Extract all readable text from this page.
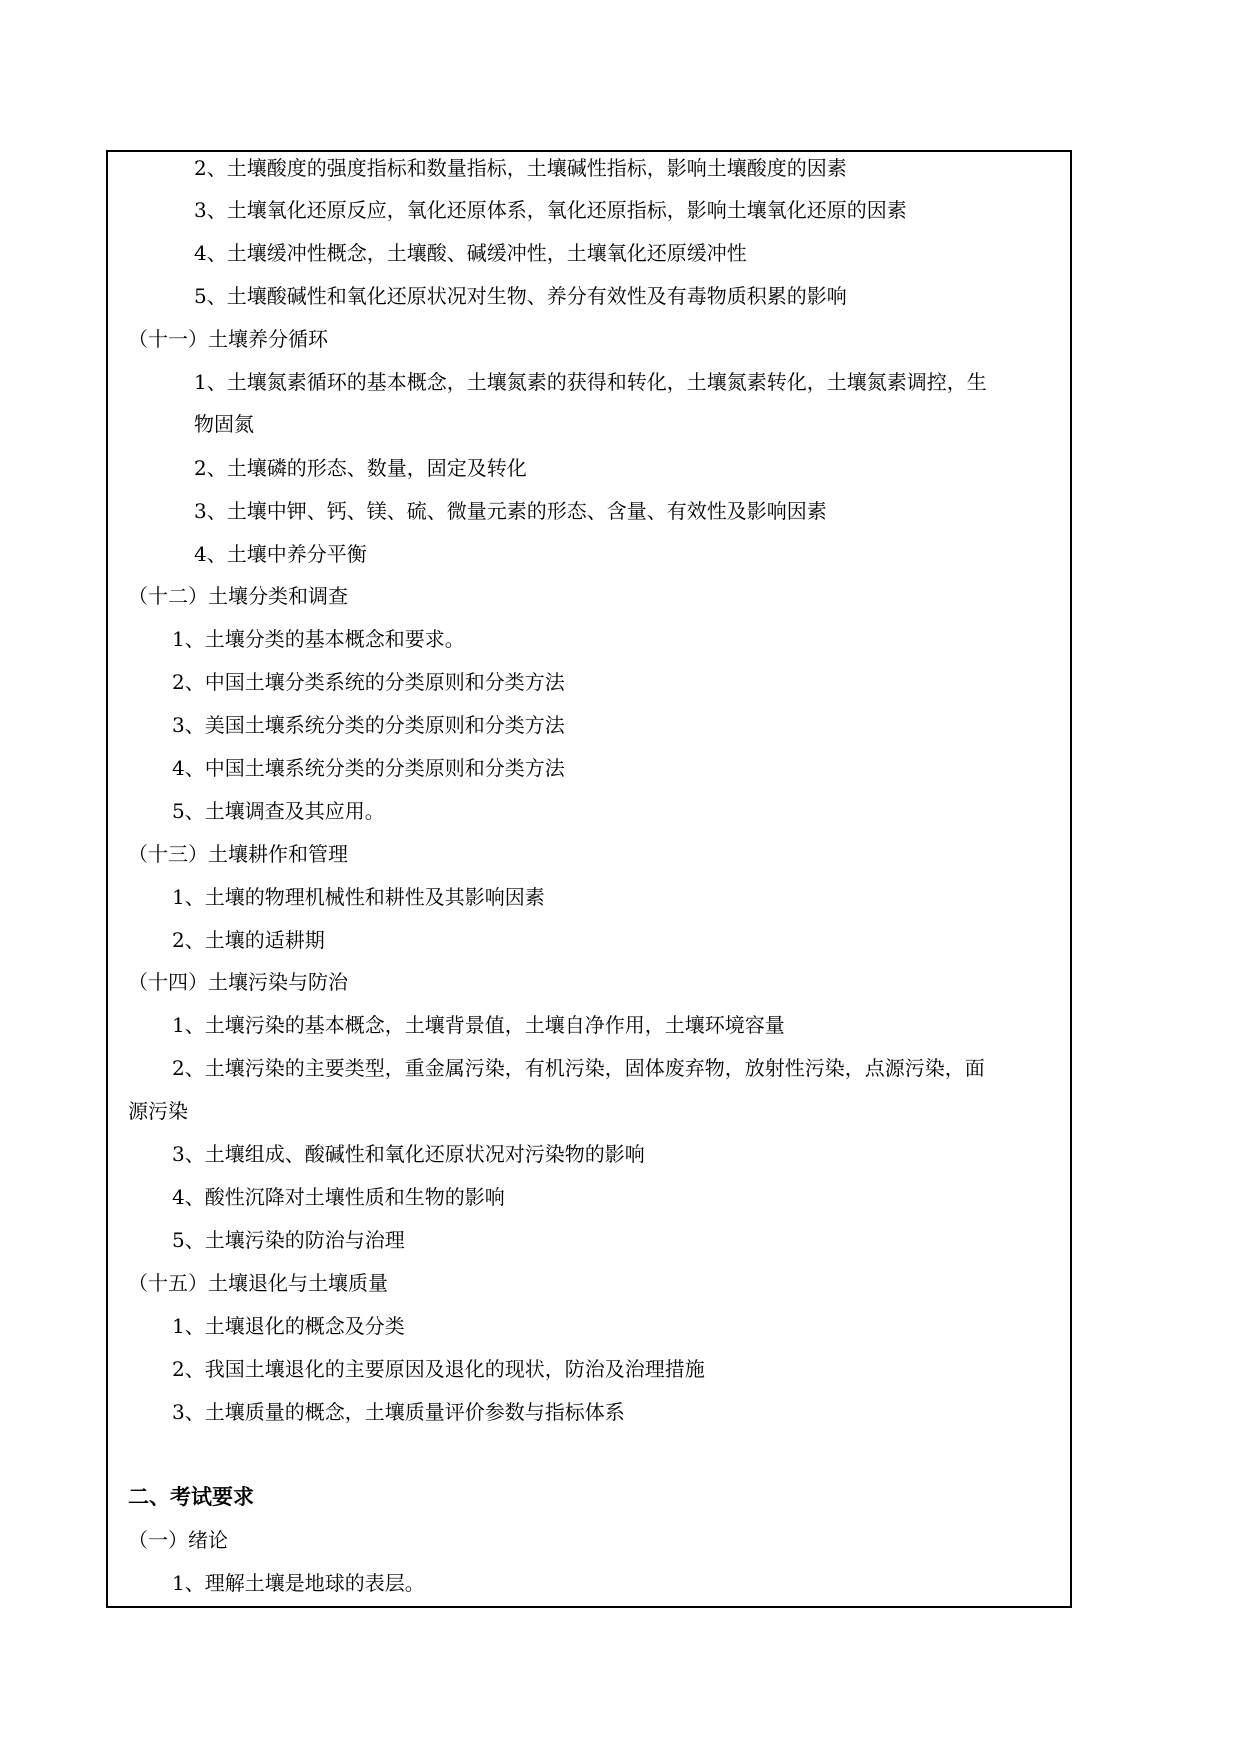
2、土壤酸度的强度指标和数量指标，土壤碱性指标，影响土壤酸度的因素
3、土壤氧化还原反应，氧化还原体系，氧化还原指标，影响土壤氧化还原的因素
4、土壤缓冲性概念，土壤酸、碱缓冲性，土壤氧化还原缓冲性
5、土壤酸碱性和氧化还原状况对生物、养分有效性及有毒物质积累的影响
（十一）土壤养分循环
1、土壤氮素循环的基本概念，土壤氮素的获得和转化，土壤氮素转化，土壤氮素调控，生
物固氮
2、土壤磷的形态、数量，固定及转化
3、土壤中钾、钙、镁、硫、微量元素的形态、含量、有效性及影响因素
4、土壤中养分平衡
（十二）土壤分类和调查
1、土壤分类的基本概念和要求。
2、中国土壤分类系统的分类原则和分类方法
3、美国土壤系统分类的分类原则和分类方法
4、中国土壤系统分类的分类原则和分类方法
5、土壤调查及其应用。
（十三）土壤耕作和管理
1、土壤的物理机械性和耕性及其影响因素
2、土壤的适耕期
（十四）土壤污染与防治
1、土壤污染的基本概念，土壤背景值，土壤自净作用，土壤环境容量
2、土壤污染的主要类型，重金属污染，有机污染，固体废弃物，放射性污染，点源污染，面
源污染
3、土壤组成、酸碱性和氧化还原状况对污染物的影响
4、酸性沉降对土壤性质和生物的影响
5、土壤污染的防治与治理
（十五）土壤退化与土壤质量
1、土壤退化的概念及分类
2、我国土壤退化的主要原因及退化的现状，防治及治理措施
3、土壤质量的概念，土壤质量评价参数与指标体系
二、考试要求
（一）绪论
1、理解土壤是地球的表层。
